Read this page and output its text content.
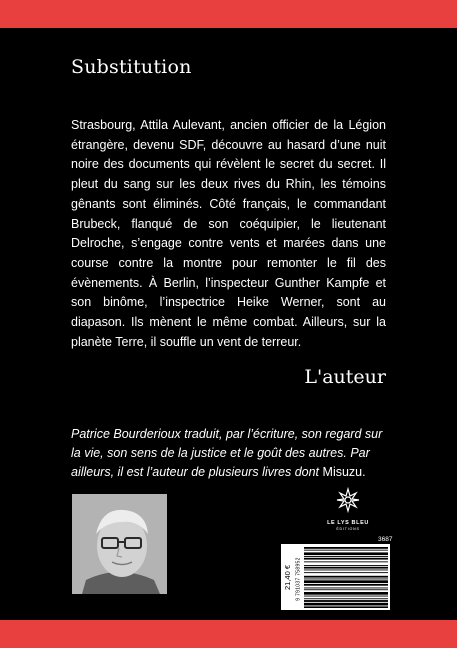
Substitution

Strasbourg, Attila Aulevant, ancien officier de la Légion étrangère, devenu SDF, découvre au hasard d’une nuit noire des documents qui révèlent le secret du secret. Il pleut du sang sur les deux rives du Rhin, les témoins gênants sont éliminés. Côté français, le commandant Brubeck, flanqué de son coéquipier, le lieutenant Delroche, s’engage contre vents et marées dans une course contre la montre pour remonter le fil des évènements. À Berlin, l’inspecteur Gunther Kampfe et son binôme, l’inspectrice Heike Werner, sont au diapason. Ils mènent le même combat. Ailleurs, sur la planète Terre, il souffle un vent de terreur.

L'auteur

Patrice Bourderioux traduit, par l’écriture, son regard sur la vie, son sens de la justice et le goût des autres. Par ailleurs, il est l’auteur de plusieurs livres dont Misuzu.

LE LYS BLEU
ÉDITIONS
3687
21,40 € 9 791037 758952
